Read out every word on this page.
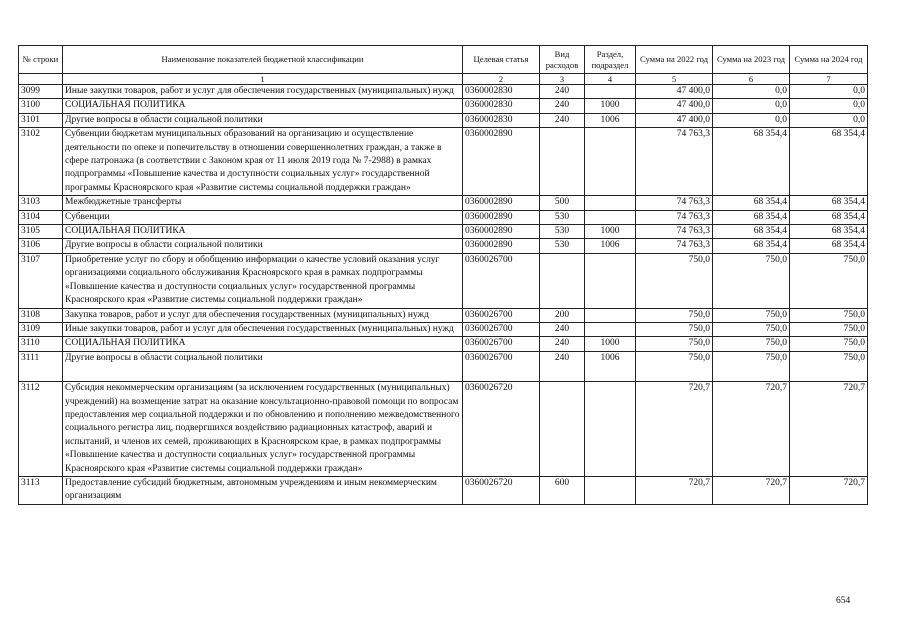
№ строки	Наименование показателей бюджетной классификации	Целевая статья	Вид расходов	Раздел, подраздел	Сумма на 2022 год	Сумма на 2023 год	Сумма на 2024 год
	1	2	3	4	5	6	7
3099	Иные закупки товаров, работ и услуг для обеспечения государственных (муниципальных) нужд	0360002830	240		47 400,0	0,0	0,0
3100	СОЦИАЛЬНАЯ ПОЛИТИКА	0360002830	240	1000	47 400,0	0,0	0,0
3101	Другие вопросы в области социальной политики	0360002830	240	1006	47 400,0	0,0	0,0
3102	Субвенции бюджетам муниципальных образований на организацию и осуществление деятельности по опеке и попечительству в отношении совершеннолетних граждан, а также в сфере патронажа (в соответствии с Законом края от 11 июля 2019 года № 7-2988) в рамках подпрограммы «Повышение качества и доступности социальных услуг» государственной программы Красноярского края «Развитие системы социальной поддержки граждан»	0360002890			74 763,3	68 354,4	68 354,4
3103	Межбюджетные трансферты	0360002890	500		74 763,3	68 354,4	68 354,4
3104	Субвенции	0360002890	530		74 763,3	68 354,4	68 354,4
3105	СОЦИАЛЬНАЯ ПОЛИТИКА	0360002890	530	1000	74 763,3	68 354,4	68 354,4
3106	Другие вопросы в области социальной политики	0360002890	530	1006	74 763,3	68 354,4	68 354,4
3107	Приобретение услуг по сбору и обобщению информации о качестве условий оказания услуг организациями социального обслуживания Красноярского края в рамках подпрограммы «Повышение качества и доступности социальных услуг» государственной программы Красноярского края «Развитие системы социальной поддержки граждан»	0360026700			750,0	750,0	750,0
3108	Закупка товаров, работ и услуг для обеспечения государственных (муниципальных) нужд	0360026700	200		750,0	750,0	750,0
3109	Иные закупки товаров, работ и услуг для обеспечения государственных (муниципальных) нужд	0360026700	240		750,0	750,0	750,0
3110	СОЦИАЛЬНАЯ ПОЛИТИКА	0360026700	240	1000	750,0	750,0	750,0
3111	Другие вопросы в области социальной политики	0360026700	240	1006	750,0	750,0	750,0
3112	Субсидия некоммерческим организациям (за исключением государственных (муниципальных) учреждений) на возмещение затрат на оказание консультационно-правовой помощи по вопросам предоставления мер социальной поддержки и по обновлению и пополнению межведомственного социального регистра лиц, подвергшихся воздействию радиационных катастроф, аварий и испытаний, и членов их семей, проживающих в Красноярском крае, в рамках подпрограммы «Повышение качества и доступности социальных услуг» государственной программы Красноярского края «Развитие системы социальной поддержки граждан»	0360026720			720,7	720,7	720,7
3113	Предоставление субсидий бюджетным, автономным учреждениям и иным некоммерческим организациям	0360026720	600		720,7	720,7	720,7
654
